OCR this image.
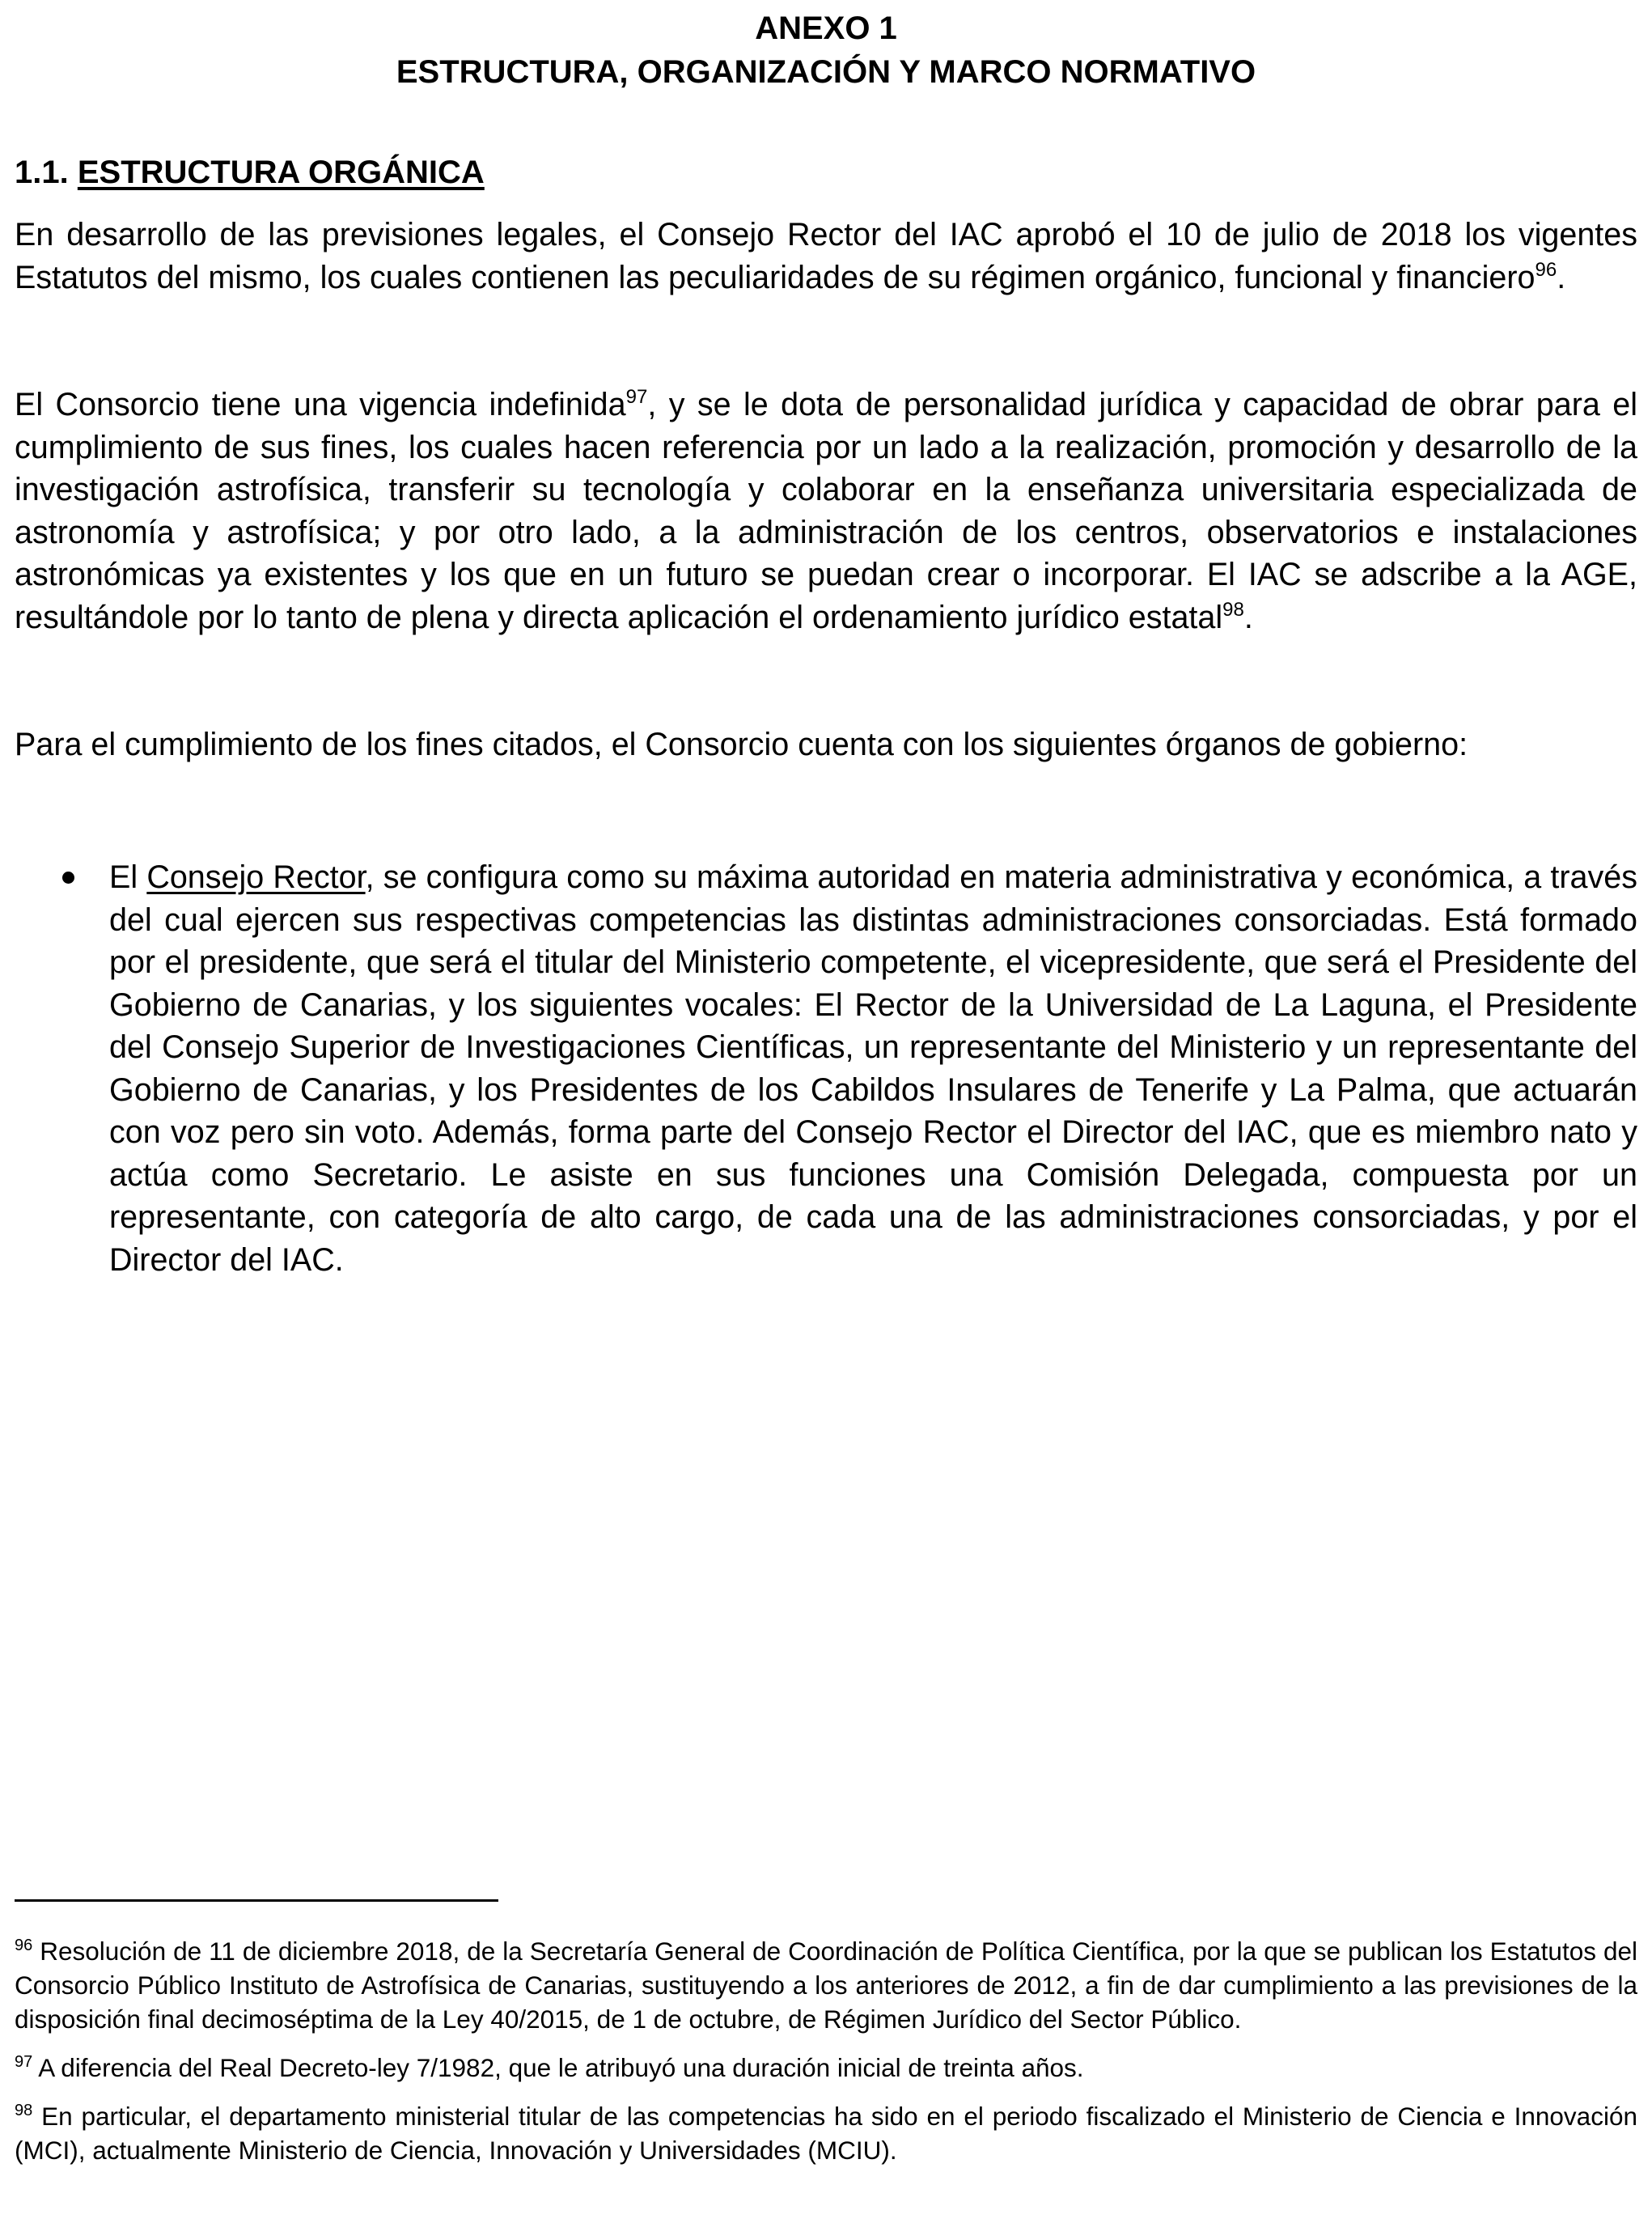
ANEXO 1
ESTRUCTURA, ORGANIZACIÓN Y MARCO NORMATIVO
1.1. ESTRUCTURA ORGÁNICA

En desarrollo de las previsiones legales, el Consejo Rector del IAC aprobó el 10 de julio de 2018 los vigentes Estatutos del mismo, los cuales contienen las peculiaridades de su régimen orgánico, funcional y financiero$^{96}$.

El Consorcio tiene una vigencia indefinida$^{97}$, y se le dota de personalidad jurídica y capacidad de obrar para el cumplimiento de sus fines, los cuales hacen referencia por un lado a la realización, promoción y desarrollo de la investigación astrofísica, transferir su tecnología y colaborar en la enseñanza universitaria especializada de astronomía y astrofísica; y por otro lado, a la administración de los centros, observatorios e instalaciones astronómicas ya existentes y los que en un futuro se puedan crear o incorporar. El IAC se adscribe a la AGE, resultándole por lo tanto de plena y directa aplicación el ordenamiento jurídico estatal$^{98}$.

Para el cumplimiento de los fines citados, el Consorcio cuenta con los siguientes órganos de gobierno:

El Consejo Rector, se configura como su máxima autoridad en materia administrativa y económica, a través del cual ejercen sus respectivas competencias las distintas administraciones consorciadas. Está formado por el presidente, que será el titular del Ministerio competente, el vicepresidente, que será el Presidente del Gobierno de Canarias, y los siguientes vocales: El Rector de la Universidad de La Laguna, el Presidente del Consejo Superior de Investigaciones Científicas, un representante del Ministerio y un representante del Gobierno de Canarias, y los Presidentes de los Cabildos Insulares de Tenerife y La Palma, que actuarán con voz pero sin voto. Además, forma parte del Consejo Rector el Director del IAC, que es miembro nato y actúa como Secretario. Le asiste en sus funciones una Comisión Delegada, compuesta por un representante, con categoría de alto cargo, de cada una de las administraciones consorciadas, y por el Director del IAC.

$^{96}$ Resolución de 11 de diciembre 2018, de la Secretaría General de Coordinación de Política Científica, por la que se publican los Estatutos del Consorcio Público Instituto de Astrofísica de Canarias, sustituyendo a los anteriores de 2012, a fin de dar cumplimiento a las previsiones de la disposición final decimoséptima de la Ley 40/2015, de 1 de octubre, de Régimen Jurídico del Sector Público.

$^{97}$ A diferencia del Real Decreto-ley 7/1982, que le atribuyó una duración inicial de treinta años.

$^{98}$ En particular, el departamento ministerial titular de las competencias ha sido en el periodo fiscalizado el Ministerio de Ciencia e Innovación (MCI), actualmente Ministerio de Ciencia, Innovación y Universidades (MCIU).
